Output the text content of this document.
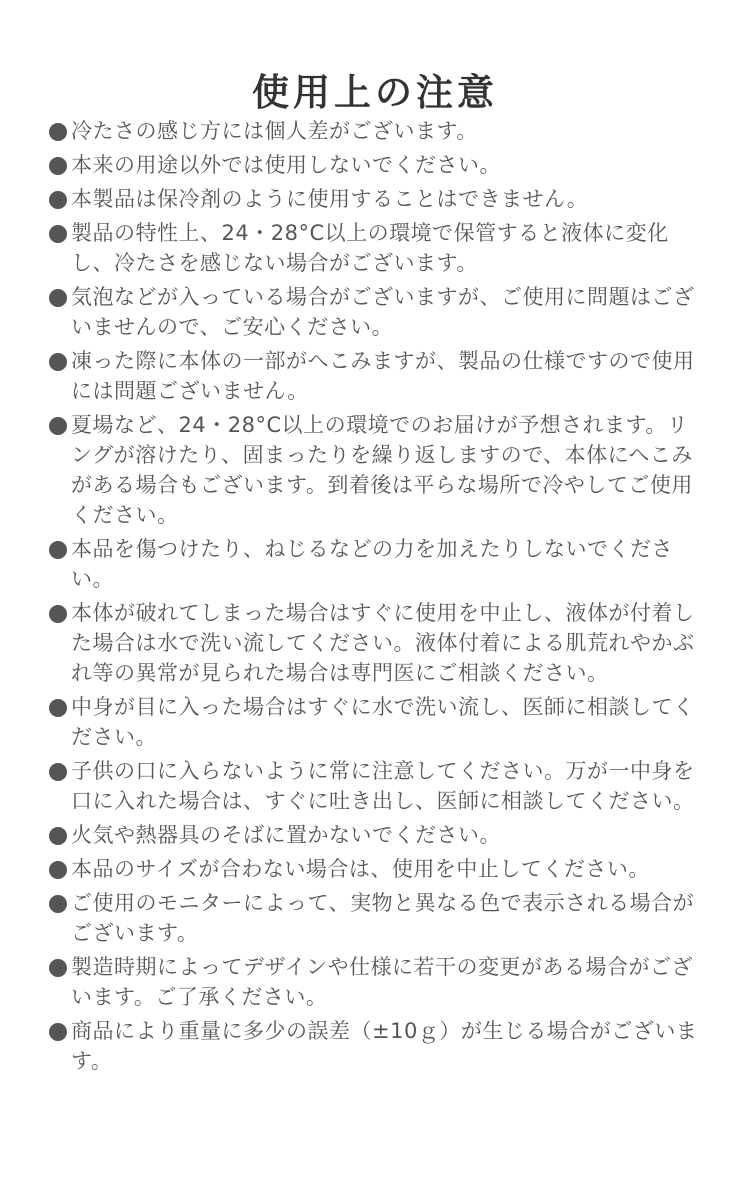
使用上の注意
冷たさの感じ方には個人差がございます。
本来の用途以外では使用しないでください。
本製品は保冷剤のように使用することはできません。
製品の特性上、24・28°C以上の環境で保管すると液体に変化し、冷たさを感じない場合がございます。
気泡などが入っている場合がございますが、ご使用に問題はございませんので、ご安心ください。
凍った際に本体の一部がへこみますが、製品の仕様ですので使用には問題ございません。
夏場など、24・28°C以上の環境でのお届けが予想されます。リングが溶けたり、固まったりを繰り返しますので、本体にへこみがある場合もございます。到着後は平らな場所で冷やしてご使用ください。
本品を傷つけたり、ねじるなどの力を加えたりしないでください。
本体が破れてしまった場合はすぐに使用を中止し、液体が付着した場合は水で洗い流してください。液体付着による肌荒れやかぶれ等の異常が見られた場合は専門医にご相談ください。
中身が目に入った場合はすぐに水で洗い流し、医師に相談してください。
子供の口に入らないように常に注意してください。万が一中身を口に入れた場合は、すぐに吐き出し、医師に相談してください。
火気や熱器具のそばに置かないでください。
本品のサイズが合わない場合は、使用を中止してください。
ご使用のモニターによって、実物と異なる色で表示される場合がございます。
製造時期によってデザインや仕様に若干の変更がある場合がございます。ご了承ください。
商品により重量に多少の誤差（±10ｇ）が生じる場合がございます。
